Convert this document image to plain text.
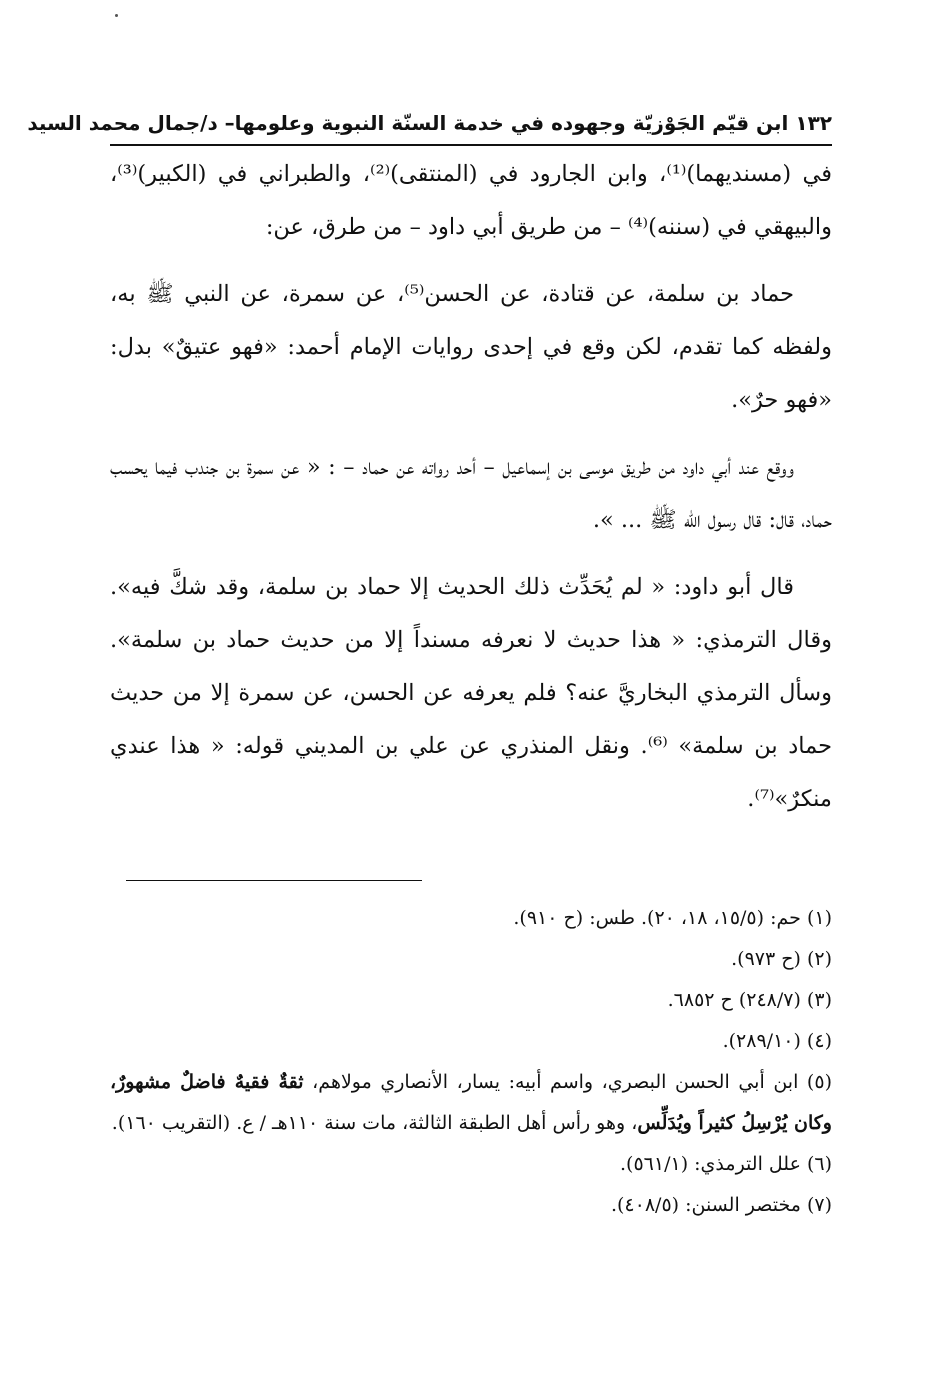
١٣٢ ابن قيّم الجَوْزيّة وجهوده في خدمة السنّة النبوية وعلومها– د/جمال محمد السيد

في (مسنديهما)⁽¹⁾، وابن الجارود في (المنتقى)⁽²⁾، والطبراني في (الكبير)⁽³⁾، والبيهقي في (سننه)⁽⁴⁾ – من طريق أبي داود – من طرق، عن:

حماد بن سلمة، عن قتادة، عن الحسن⁽⁵⁾، عن سمرة، عن النبي ﷺ به، ولفظه كما تقدم، لكن وقع في إحدى روايات الإمام أحمد: «فهو عتيقٌ» بدل: «فهو حرٌ».

ووقع عند أبي داود من طريق موسى بن إسماعيل – أحد رواته عن حماد – : « عن سمرة بن جندب فيما يحسب حماد، قال: قال رسول الله ﷺ ... ».

قال أبو داود: « لم يُحَدِّث ذلك الحديث إلا حماد بن سلمة، وقد شكَّ فيه». وقال الترمذي: « هذا حديث لا نعرفه مسنداً إلا من حديث حماد بن سلمة». وسأل الترمذي البخاريَّ عنه؟ فلم يعرفه عن الحسن، عن سمرة إلا من حديث حماد بن سلمة» ⁽⁶⁾. ونقل المنذري عن علي بن المديني قوله: « هذا عندي منكرٌ»⁽⁷⁾.

(١) حم: (١٥/٥، ١٨، ٢٠). طس: (ح ٩١٠).

(٢) (ح ٩٧٣).

(٣) (٢٤٨/٧) ح ٦٨٥٢.

(٤) (٢٨٩/١٠).

(٥) ابن أبي الحسن البصري، واسم أبيه: يسار، الأنصاري مولاهم، ثقةٌ فقيهٌ فاضلٌ مشهورٌ، وكان يُرْسِلُ كثيراً ويُدَلِّس، وهو رأس أهل الطبقة الثالثة، مات سنة ١١٠هـ / ع. (التقريب ١٦٠).

(٦) علل الترمذي: (٥٦١/١).

(٧) مختصر السنن: (٤٠٨/٥).
